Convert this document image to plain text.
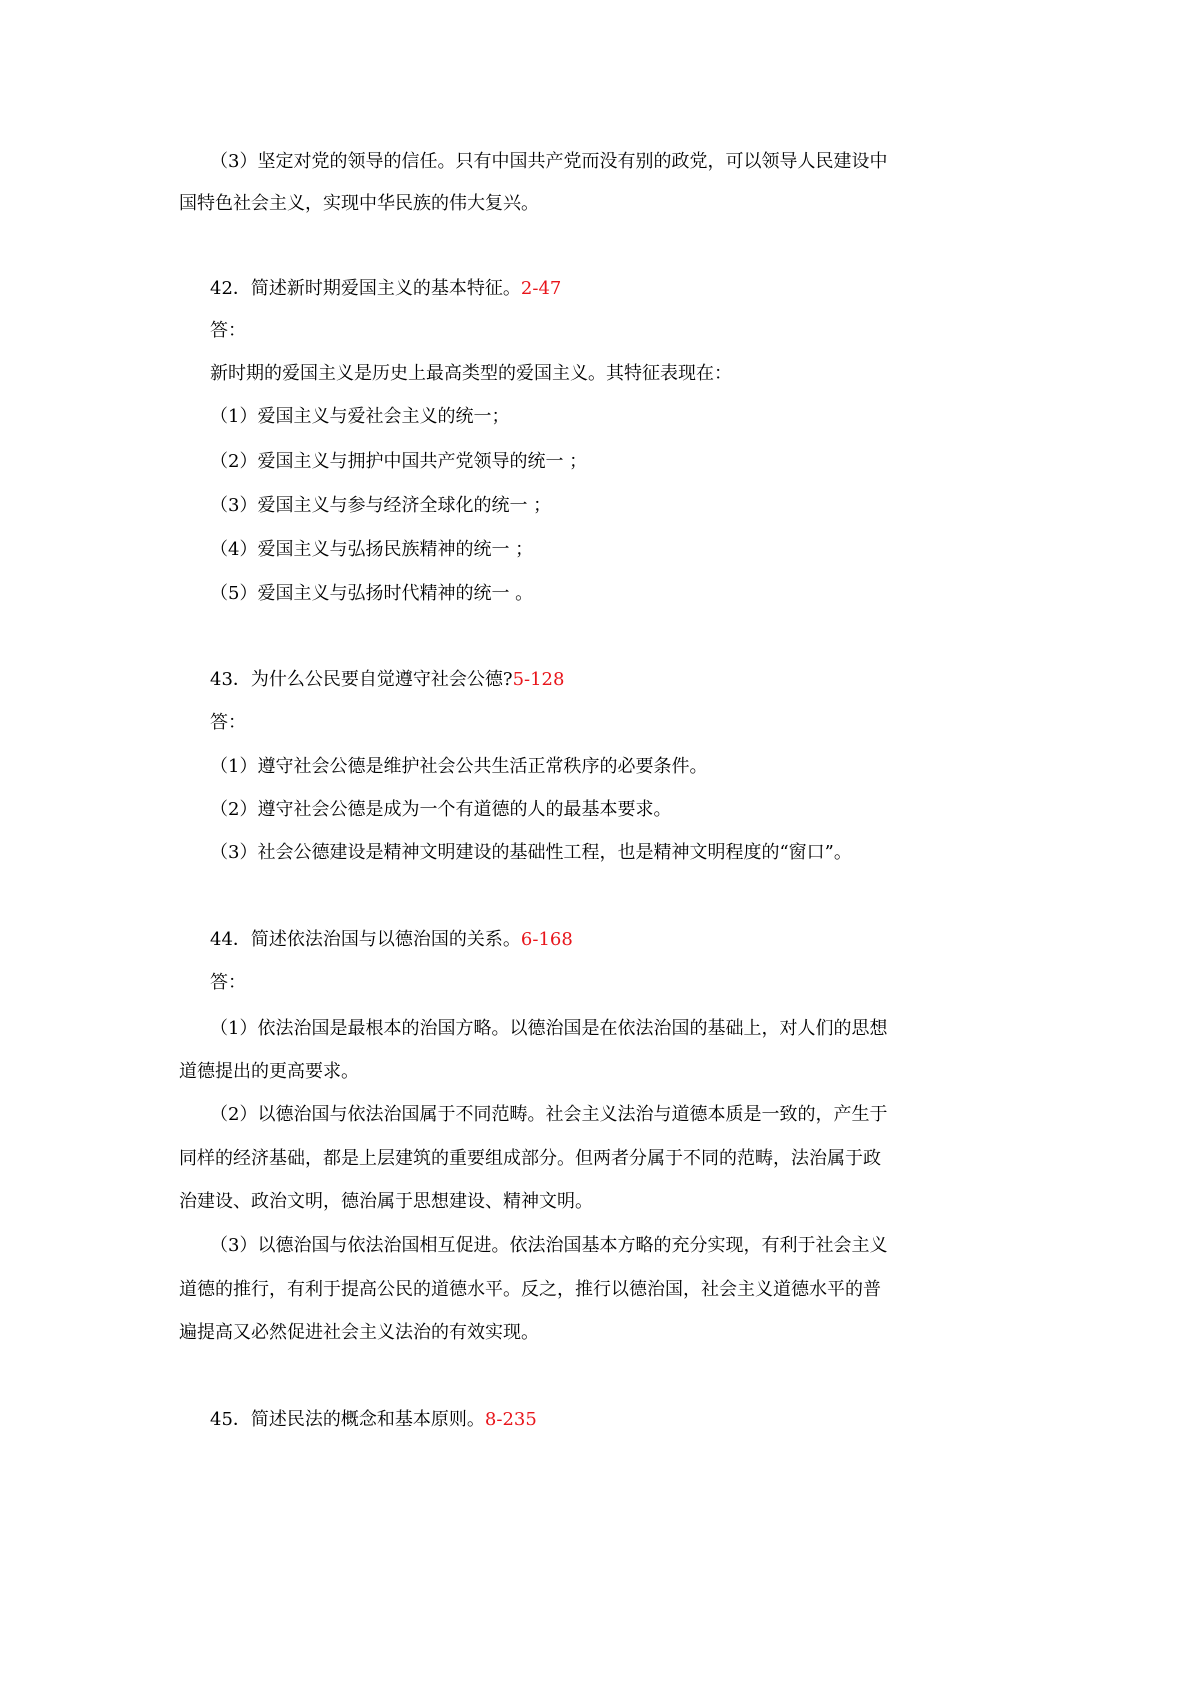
（3）坚定对党的领导的信任。只有中国共产党而没有别的政党，可以领导人民建设中
国特色社会主义，实现中华民族的伟大复兴。
42．简述新时期爱国主义的基本特征。2-47
答：
新时期的爱国主义是历史上最高类型的爱国主义。其特征表现在：
（1）爱国主义与爱社会主义的统一；
（2）爱国主义与拥护中国共产党领导的统一 ；
（3）爱国主义与参与经济全球化的统一 ；
（4）爱国主义与弘扬民族精神的统一 ；
（5）爱国主义与弘扬时代精神的统一 。
43．为什么公民要自觉遵守社会公德?5-128
答：
（1）遵守社会公德是维护社会公共生活正常秩序的必要条件。
（2）遵守社会公德是成为一个有道德的人的最基本要求。
（3）社会公德建设是精神文明建设的基础性工程，也是精神文明程度的“窗口”。
44．简述依法治国与以德治国的关系。6-168
答：
（1）依法治国是最根本的治国方略。以德治国是在依法治国的基础上，对人们的思想
道德提出的更高要求。
（2）以德治国与依法治国属于不同范畴。社会主义法治与道德本质是一致的，产生于
同样的经济基础，都是上层建筑的重要组成部分。但两者分属于不同的范畴，法治属于政
治建设、政治文明，德治属于思想建设、精神文明。
（3）以德治国与依法治国相互促进。依法治国基本方略的充分实现，有利于社会主义
道德的推行，有利于提高公民的道德水平。反之，推行以德治国，社会主义道德水平的普
遍提高又必然促进社会主义法治的有效实现。
45．简述民法的概念和基本原则。8-235
